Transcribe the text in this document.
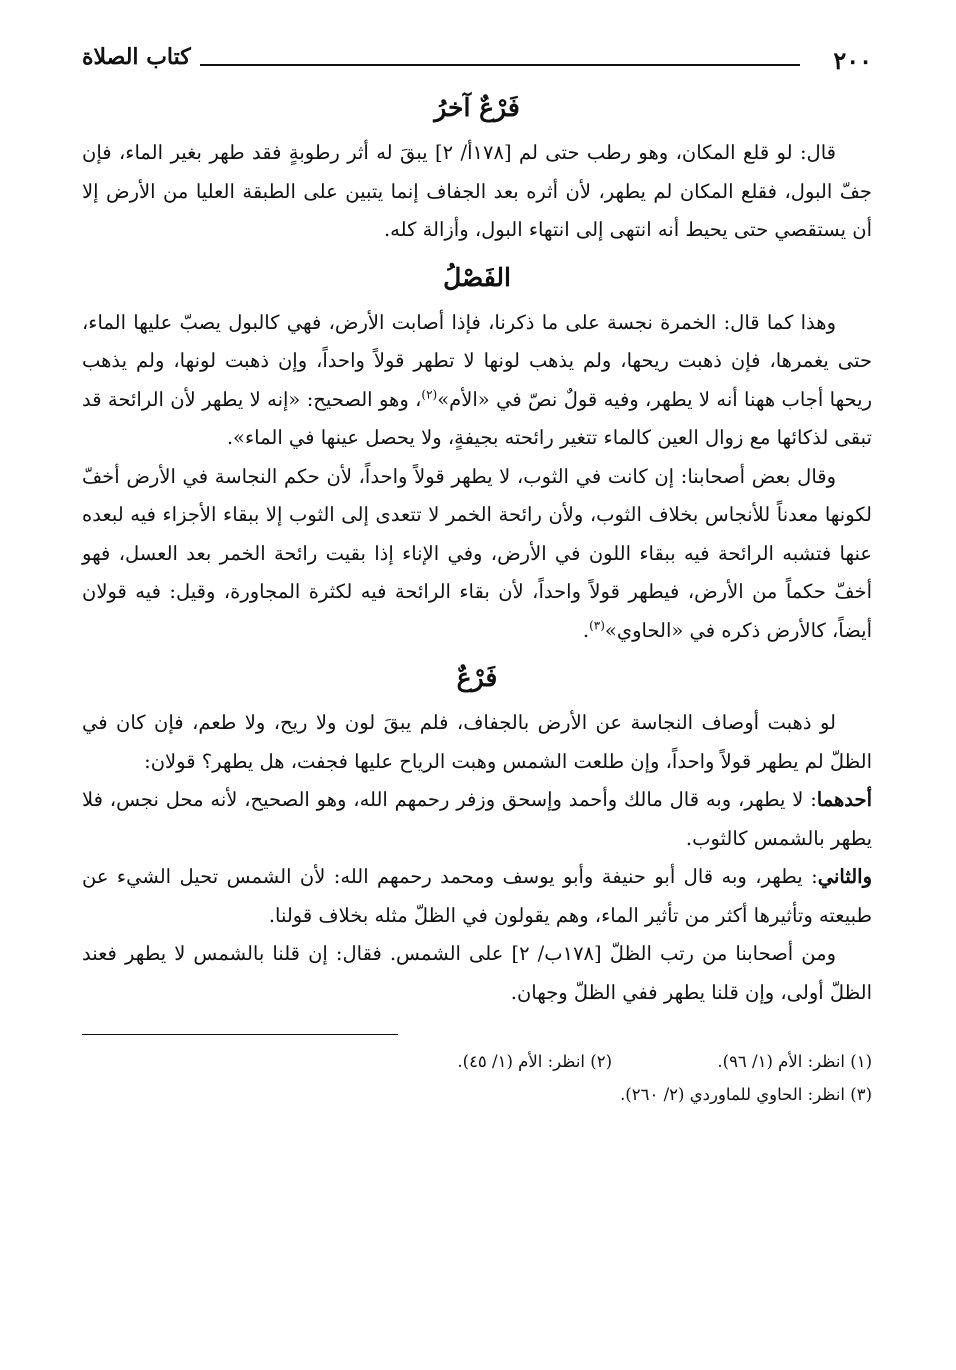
٢٠٠
كتاب الصلاة
فَرْعٌ آخرُ

قال: لو قلع المكان، وهو رطب حتى لم [١٧٨أ/ ٢] يبقَ له أثر رطوبةٍ فقد طهر بغير الماء، فإن جفّ البول، فقلع المكان لم يطهر، لأن أثره بعد الجفاف إنما يتبين على الطبقة العليا من الأرض إلا أن يستقصي حتى يحيط أنه انتهى إلى انتهاء البول، وأزالة كله.

الفَصْلُ

وهذا كما قال: الخمرة نجسة على ما ذكرنا، فإذا أصابت الأرض، فهي كالبول يصبّ عليها الماء، حتى يغمرها، فإن ذهبت ريحها، ولم يذهب لونها لا تطهر قولاً واحداً، وإن ذهبت لونها، ولم يذهب ريحها أجاب ههنا أنه لا يطهر، وفيه قولٌ نصّ في «الأم»$^{(٢)}$، وهو الصحيح: «إنه لا يطهر لأن الرائحة قد تبقى لذكائها مع زوال العين كالماء تتغير رائحته بجيفةٍ، ولا يحصل عينها في الماء».

وقال بعض أصحابنا: إن كانت في الثوب، لا يطهر قولاً واحداً، لأن حكم النجاسة في الأرض أخفّ لكونها معدناً للأنجاس بخلاف الثوب، ولأن رائحة الخمر لا تتعدى إلى الثوب إلا ببقاء الأجزاء فيه لبعده عنها فتشبه الرائحة فيه ببقاء اللون في الأرض، وفي الإناء إذا بقيت رائحة الخمر بعد العسل، فهو أخفّ حكماً من الأرض، فيطهر قولاً واحداً، لأن بقاء الرائحة فيه لكثرة المجاورة، وقيل: فيه قولان أيضاً، كالأرض ذكره في «الحاوي»$^{(٣)}$.

فَرْعٌ

لو ذهبت أوصاف النجاسة عن الأرض بالجفاف، فلم يبقَ لون ولا ريح، ولا طعم، فإن كان في الظلّ لم يطهر قولاً واحداً، وإن طلعت الشمس وهبت الرياح عليها فجفت، هل يطهر؟ قولان:

أحدهما: لا يطهر، وبه قال مالك وأحمد وإسحق وزفر رحمهم الله، وهو الصحيح، لأنه محل نجس، فلا يطهر بالشمس كالثوب.

والثاني: يطهر، وبه قال أبو حنيفة وأبو يوسف ومحمد رحمهم الله: لأن الشمس تحيل الشيء عن طبيعته وتأثيرها أكثر من تأثير الماء، وهم يقولون في الظلّ مثله بخلاف قولنا.

ومن أصحابنا من رتب الظلّ [١٧٨ب/ ٢] على الشمس. فقال: إن قلنا بالشمس لا يطهر فعند الظلّ أولى، وإن قلنا يطهر ففي الظلّ وجهان.

(١) انظر: الأم (١/ ٩٦).
(٢) انظر: الأم (١/ ٤٥).
(٣) انظر: الحاوي للماوردي (٢/ ٢٦٠).
